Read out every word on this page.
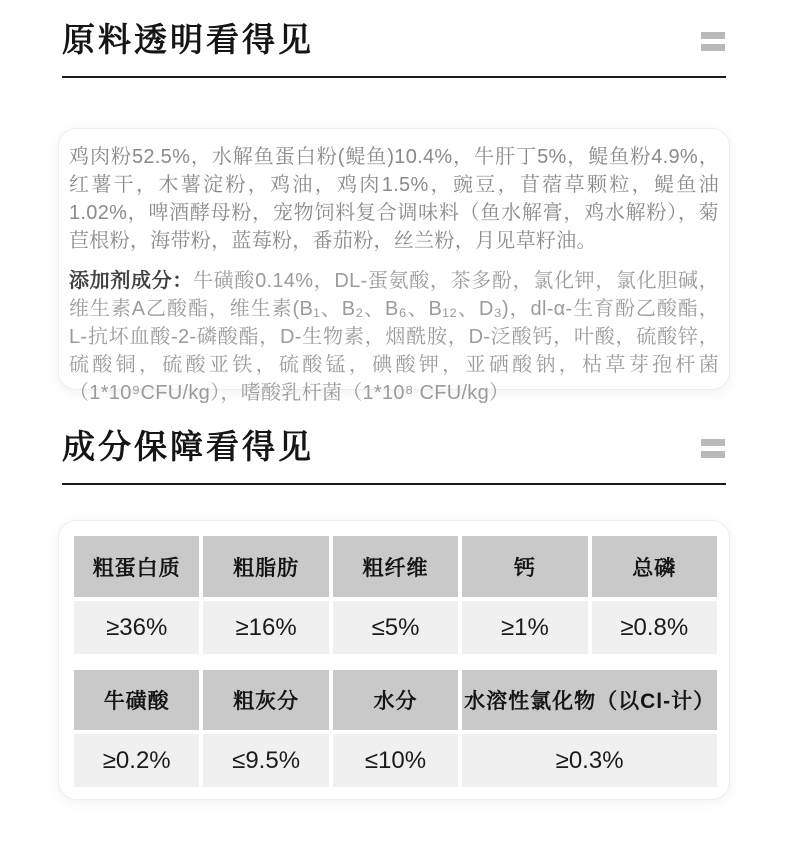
原料透明看得见

鸡肉粉52.5%，水解鱼蛋白粉(鳀鱼)10.4%，牛肝丁5%，鳀鱼粉4.9%，红薯干，木薯淀粉，鸡油，鸡肉1.5%，豌豆，苜蓿草颗粒，鳀鱼油1.02%，啤酒酵母粉，宠物饲料复合调味料（鱼水解膏，鸡水解粉），菊苣根粉，海带粉，蓝莓粉，番茄粉，丝兰粉，月见草籽油。

添加剂成分：牛磺酸0.14%，DL-蛋氨酸，茶多酚，氯化钾，氯化胆碱，维生素A乙酸酯，维生素(B₁、B₂、B₆、B₁₂、D₃)，dl-α-生育酚乙酸酯，L-抗坏血酸-2-磷酸酯，D-生物素，烟酰胺，D-泛酸钙，叶酸，硫酸锌，硫酸铜，硫酸亚铁，硫酸锰，碘酸钾，亚硒酸钠，枯草芽孢杆菌（1*10⁹CFU/kg），嗜酸乳杆菌（1*10⁸ CFU/kg）

成分保障看得见
粗蛋白质	粗脂肪	粗纤维	钙	总磷
≥36%	≥16%	≤5%	≥1%	≥0.8%
牛磺酸	粗灰分	水分	水溶性氯化物（以Cl-计）
≥0.2%	≤9.5%	≤10%	≥0.3%
